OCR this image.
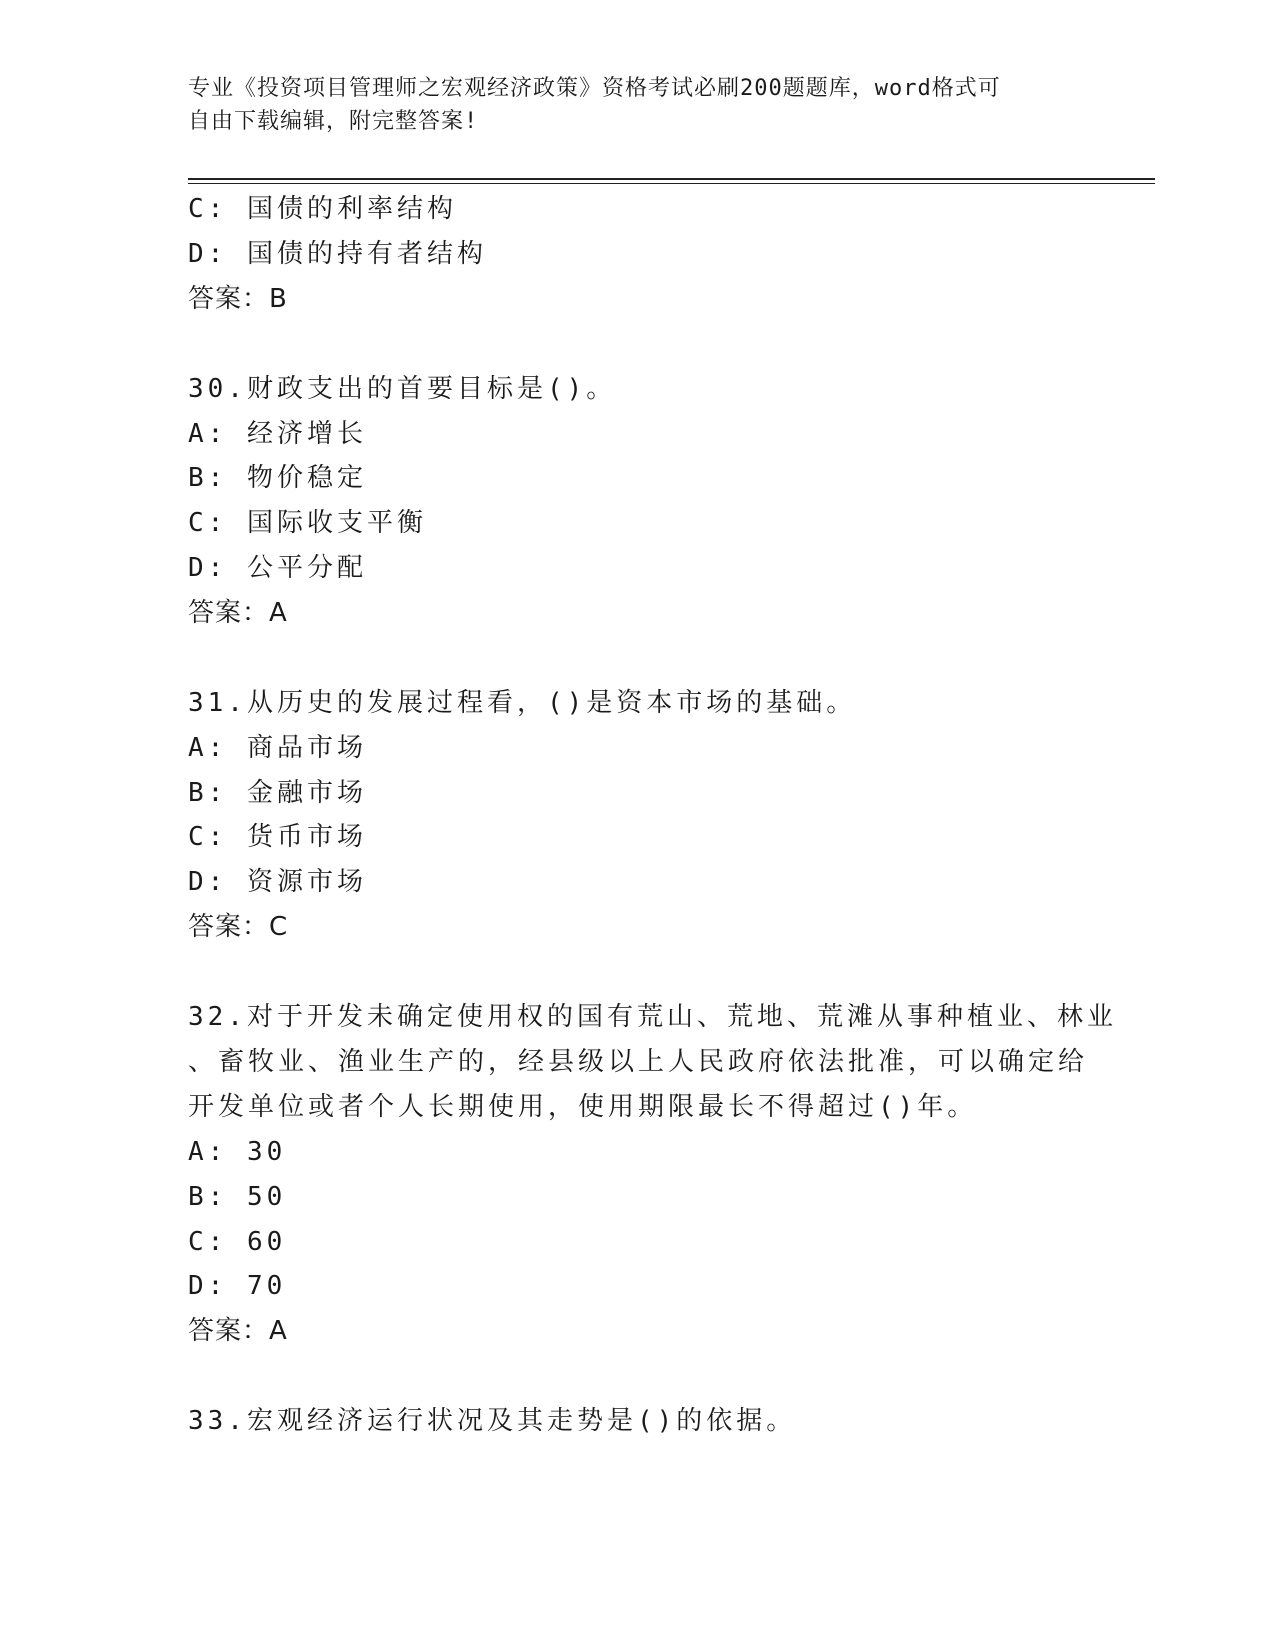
专业《投资项目管理师之宏观经济政策》资格考试必刷200题题库，word格式可
自由下载编辑，附完整答案!
C: 国债的利率结构
D: 国债的持有者结构
答案：B
30.财政支出的首要目标是()。
A: 经济增长
B: 物价稳定
C: 国际收支平衡
D: 公平分配
答案：A
31.从历史的发展过程看，()是资本市场的基础。
A: 商品市场
B: 金融市场
C: 货币市场
D: 资源市场
答案：C
32.对于开发未确定使用权的国有荒山、荒地、荒滩从事种植业、林业
、畜牧业、渔业生产的，经县级以上人民政府依法批准，可以确定给
开发单位或者个人长期使用，使用期限最长不得超过()年。
A: 30
B: 50
C: 60
D: 70
答案：A
33.宏观经济运行状况及其走势是()的依据。
